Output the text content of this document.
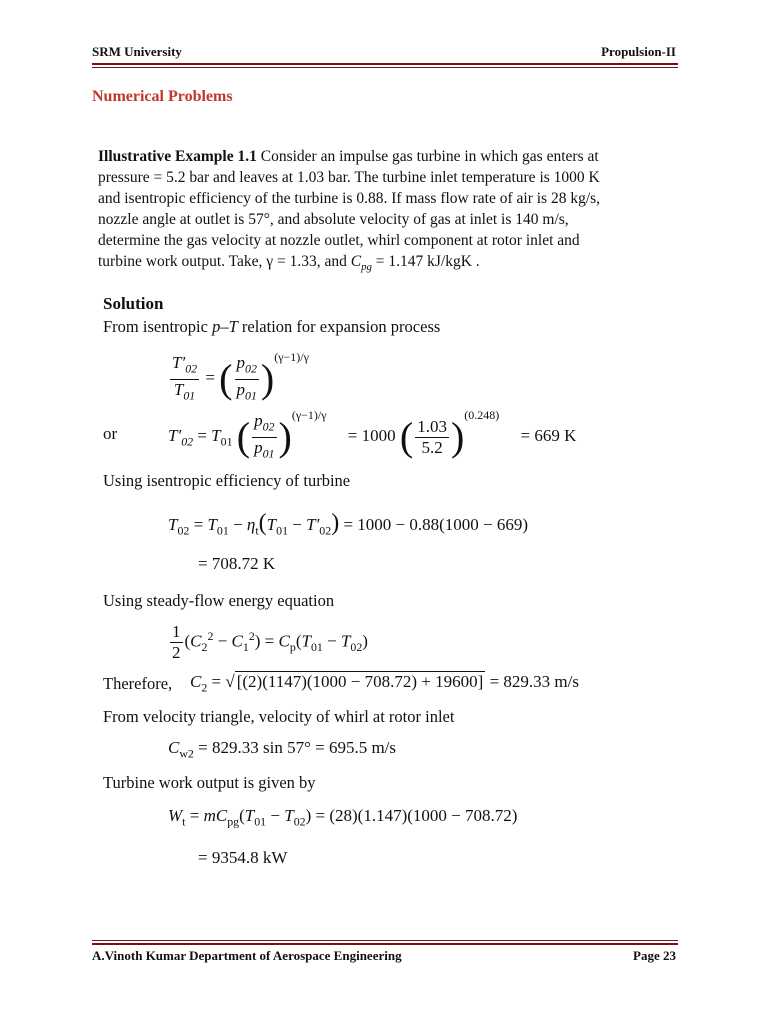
SRM University	Propulsion-II
Numerical Problems
Illustrative Example 1.1 Consider an impulse gas turbine in which gas enters at
pressure = 5.2 bar and leaves at 1.03 bar. The turbine inlet temperature is 1000 K
and isentropic efficiency of the turbine is 0.88. If mass flow rate of air is 28 kg/s,
nozzle angle at outlet is 57°, and absolute velocity of gas at inlet is 140 m/s,
determine the gas velocity at nozzle outlet, whirl component at rotor inlet and
turbine work output. Take, γ = 1.33, and $C_{pg} = 1.147$ kJ/kgK .
Solution
From isentropic p–T relation for expansion process
$\frac{T'_{02}}{T_{01}}$ = ( $\frac{p_{02}}{p_{01}} )^{(\gamma-1)/\gamma}$
or	$T'_{02} = T_{01}$ ( $\frac{p_{02}}{p_{01}} )^{(\gamma-1)/\gamma}$     = 1000 ( $\frac{1.03}{5.2} )^{(0.248)}$     = 669 K
Using isentropic efficiency of turbine
$T_{02} = T_{01} - \eta_t(T_{01} - T'_{02}) = 1000 - 0.88(1000 - 669)$
= 708.72 K
Using steady-flow energy equation
$\frac{1}{2} (C_2^2 - C_1^2) = C_p(T_{01} - T_{02})$
Therefore, $C_2$ = √ [(2)(1147)(1000 − 708.72) + 19600] = 829.33 m/s
From velocity triangle, velocity of whirl at rotor inlet
$C_{w2} = 829.33$ sin 57° = 695.5 m/s
Turbine work output is given by
$W_t = mC_{pg}(T_{01} - T_{02}) = (28)(1.147)(1000 - 708.72)$
= 9354.8 kW
A.Vinoth Kumar Department of Aerospace Engineering	Page 23
